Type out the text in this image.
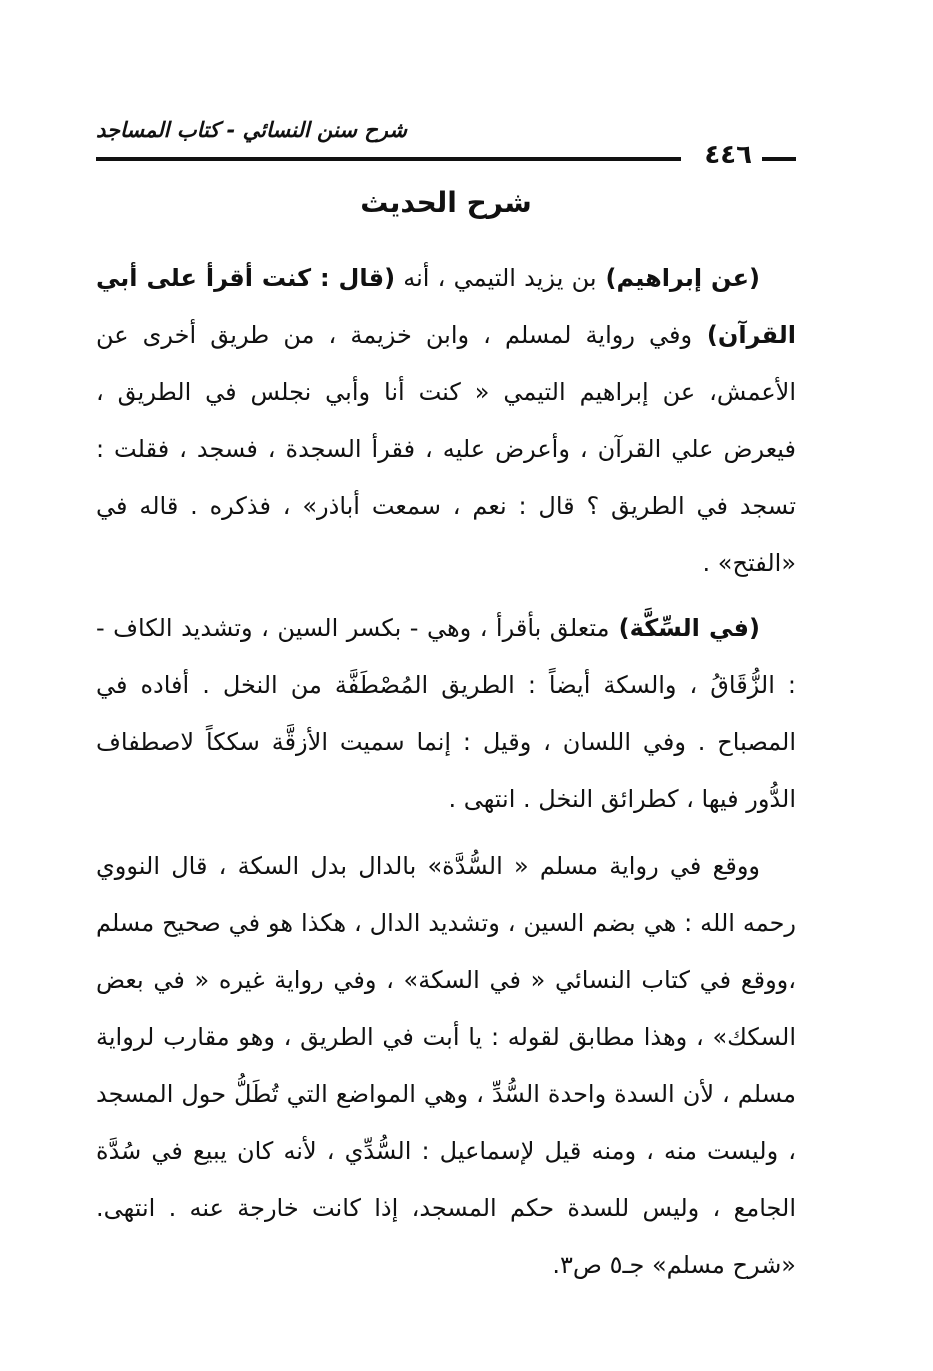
شرح سنن النسائي - كتاب المساجد
٤٤٦
شرح الحديث

(عن إبراهيم) بن يزيد التيمي ، أنه (قال : كنت أقرأ على أبي القرآن) وفي رواية لمسلم ، وابن خزيمة ، من طريق أخرى عن الأعمش، عن إبراهيم التيمي « كنت أنا وأبي نجلس في الطريق ، فيعرض علي القرآن ، وأعرض عليه ، فقرأ السجدة ، فسجد ، فقلت : تسجد في الطريق ؟ قال : نعم ، سمعت أباذر» ، فذكره . قاله في «الفتح» .

(في السِّكَّة) متعلق بأقرأ ، وهي - بكسر السين ، وتشديد الكاف - : الزُّقَاقُ ، والسكة أيضاً : الطريق المُصْطَفَّة من النخل . أفاده في المصباح . وفي اللسان ، وقيل : إنما سميت الأزقَّة سككاً لاصطفاف الدُّور فيها ، كطرائق النخل . انتهى .

ووقع في رواية مسلم « السُّدَّة» بالدال بدل السكة ، قال النووي رحمه الله : هي بضم السين ، وتشديد الدال ، هكذا هو في صحيح مسلم ،ووقع في كتاب النسائي « في السكة» ، وفي رواية غيره « في بعض السكك» ، وهذا مطابق لقوله : يا أبت في الطريق ، وهو مقارب لرواية مسلم ، لأن السدة واحدة السُّدِّ ، وهي المواضع التي تُطَلُّ حول المسجد ، وليست منه ، ومنه قيل لإسماعيل : السُّدِّي ، لأنه كان يبيع في سُدَّة الجامع ، وليس للسدة حكم المسجد، إذا كانت خارجة عنه . انتهى. «شرح مسلم» جـ٥ ص٣.
